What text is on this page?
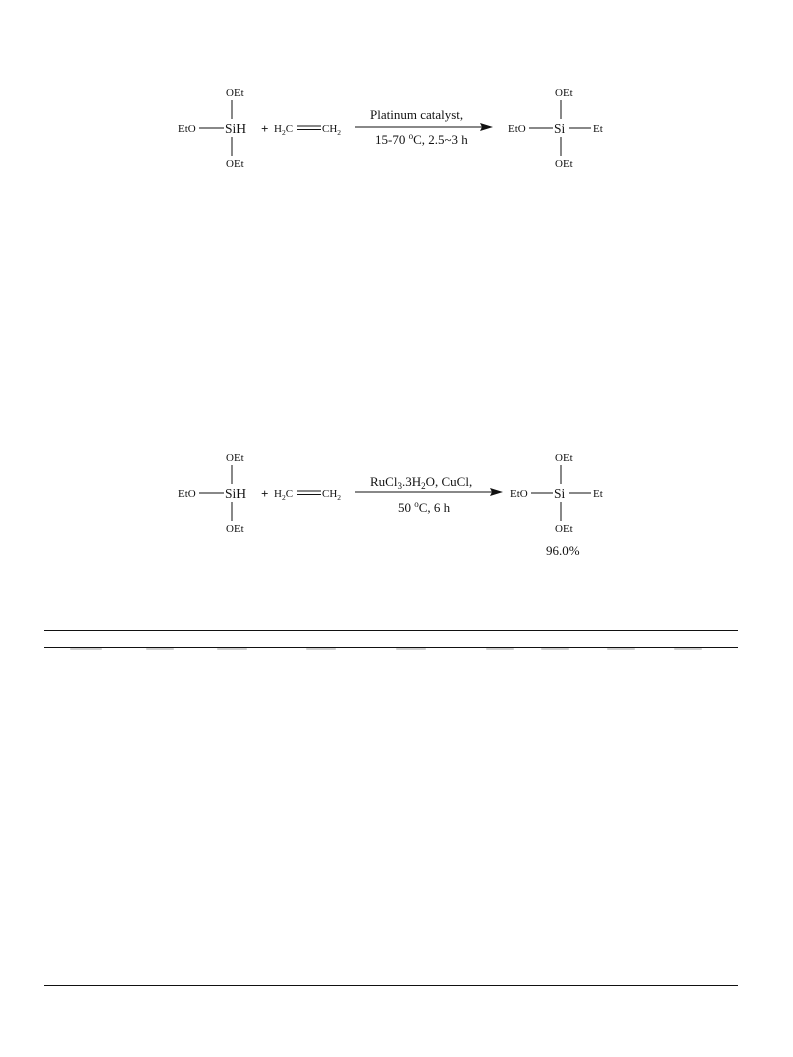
OEt
EtO SiH
OEt
+ $H_2C$	$CH_2$
Platinum catalyst,
15-70 $^o$C, 2.5~3 h
OEt
EtO Si	Et
OEt
OEt
EtO SiH
OEt
+ $H_2C$	$CH_2$
$RuCl_3.3H_2O$, CuCl,
50 $^o$C, 6 h
OEt
EtO Si	Et
OEt
96.0%
